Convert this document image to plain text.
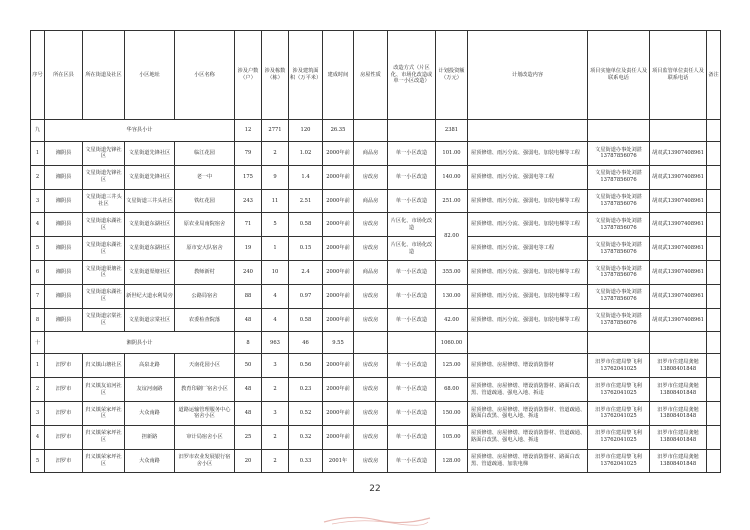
序号	所在区县	所在街道及社区	小区地址	小区名称	涉及户数（户）	涉及栋数（栋）	涉及建筑面积（万平米）	建成时间	房屋性质	改造方式（片区化、市场化改造或单一小区改造）	计划投资额（万元）	计划改造内容	项目实施单位及责任人及联系电话	项目监管单位责任人及联系电话	备注
九	华容县小计				12	2771	120	26.35			2381				
1	湘阴县	文星街道先锋社区	文星街道先锋社区	临江花园	79	2	1.02	2000年前	商品房	单一小区改造	101.00	屋顶修缮、雨污分流、强弱电、加装电梯等工程	文星街道办事处刘湛13787856076	胡双武13907408961	
2	湘阴县	文星街道先锋社区	文星街道先锋社区	老一中	175	9	1.4	2000年前	房改房	单一小区改造	140.00	屋顶修缮、雨污分流、强弱电等工程	文星街道办事处刘湛13787856076	胡双武13907408961	
3	湘阴县	文星街道三井头社区	文星街道三井头社区	铁红花园	243	11	2.51	2000年前	商品房	单一小区改造	251.00	屋顶修缮、雨污分流、强弱电、加装电梯等工程	文星街道办事处刘湛13787856076	胡双武13907408961	
4	湘阴县	文星街道东湖社区	文星街道东湖社区	原农业局南院宿舍	71	5	0.58	2000年前	房改房	片区化、市场化改造	82.00	屋顶修缮、雨污分流、强弱电、加装电梯等工程	文星街道办事处刘湛13787856076	胡双武13907408961	
5	湘阴县	文星街道东湖社区	文星街道东湖社区	原市安大队宿舍	19	1	0.15	2000年前	房改房	片区化、市场化改造		屋顶修缮、雨污分流、强弱电等工程	文星街道办事处刘湛13787856076	胡双武13907408961	
6	湘阴县	文星街道渠塘社区	文星街道渠塘社区	教师新村	240	10	2.4	2000年前	商品房	单一小区改造	355.00	屋顶修缮、雨污分流、强弱电、加装电梯等工程	文星街道办事处刘湛13787856076	胡双武13907408961	
7	湘阴县	文星街道东湖社区	新世纪大道水利局旁	公路局宿舍	88	4	0.97	2000年前	房改房	单一小区改造	130.00	屋顶修缮、雨污分流、强弱电、加装电梯等工程	文星街道办事处刘湛13787856076	胡双武13907408961	
8	湘阴县	文星街道宗棠社区	文星街道宗棠社区	农委检查院落	48	4	0.58	2000年前	房改房	单一小区改造	42.00	屋顶修缮、雨污分流、强弱电、加装电梯等工程	文星街道办事处刘湛13787856076	胡双武13907408961	
十	湘阴县小计				8	963	46	9.55			1060.00				
1	汨罗市	归义镇山塘社区	高泉北路	天南花园小区	50	3	0.56	2000年前	房改房	单一小区改造	125.00	屋顶修缮、房屋修缮、增设消防器材	汨罗市住建局黎飞利13762041025	汨罗市住建局龚勉13808401848	
2	汨罗市	归义镇友谊河社区	友谊河南路	教育印刷厂宿舍小区	48	2	0.23	2000年前	房改房	单一小区改造	68.00	屋顶修缮、房屋修缮、增设消防器材、路面白改黑、管道疏通、强电入地、拆违	汨罗市住建局黎飞利13762041025	汨罗市住建局龚勉13808401848	
3	汨罗市	归义镇荣家坪社区	大众南路	道路运输管理服务中心宿舍小区	48	3	0.52	2000年前	房改房	单一小区改造	150.00	屋顶修缮、房屋修缮、增设消防器材、管道疏通、路面白改黑、强电入地、拆违	汨罗市住建局黎飞利13762041025	汨罗市住建局龚勉13808401848	
4	汨罗市	归义镇荣家坪社区	担新路	审计局宿舍小区	25	2	0.32	2000年前	房改房	单一小区改造	105.00	屋顶修缮、房屋修缮、增设消防器材、管道疏通、路面白改黑、强电入地、拆违	汨罗市住建局黎飞利13762041025	汨罗市住建局龚勉13808401848	
5	汨罗市	归义镇荣家坪社区	大众南路	汨罗市农业发展银行宿舍小区	20	2	0.33	2001年	房改房	单一小区改造	128.00	屋顶修缮、房屋修缮、增设消防器材、路面白改黑、管道疏通、加装电梯	汨罗市住建局黎飞利13762041025	汨罗市住建局龚勉13808401848	
22
